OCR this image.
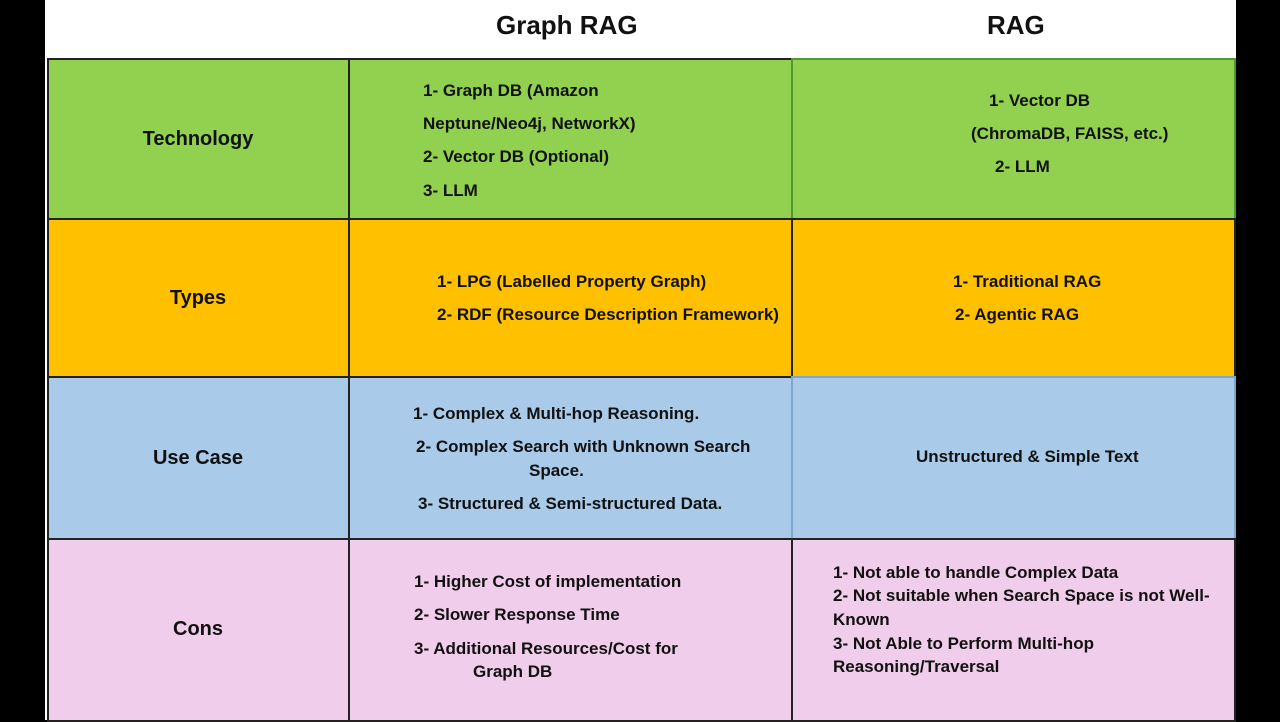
Graph RAG	RAG
Technology
Types
Use Case
Cons
1- Graph DB (Amazon
Neptune/Neo4j, NetworkX)
2- Vector DB (Optional)
3- LLM
1- Vector DB
(ChromaDB, FAISS, etc.)
2- LLM
1- LPG (Labelled Property Graph)
2- RDF (Resource Description Framework)
1- Traditional RAG
2- Agentic RAG
1- Complex & Multi-hop Reasoning.
2- Complex Search with Unknown Search
Space.
3- Structured & Semi-structured Data.
Unstructured & Simple Text
1- Higher Cost of implementation
2- Slower Response Time
3- Additional Resources/Cost for
Graph DB
1- Not able to handle Complex Data
2- Not suitable when Search Space is not Well-
Known
3- Not Able to Perform Multi-hop
Reasoning/Traversal
